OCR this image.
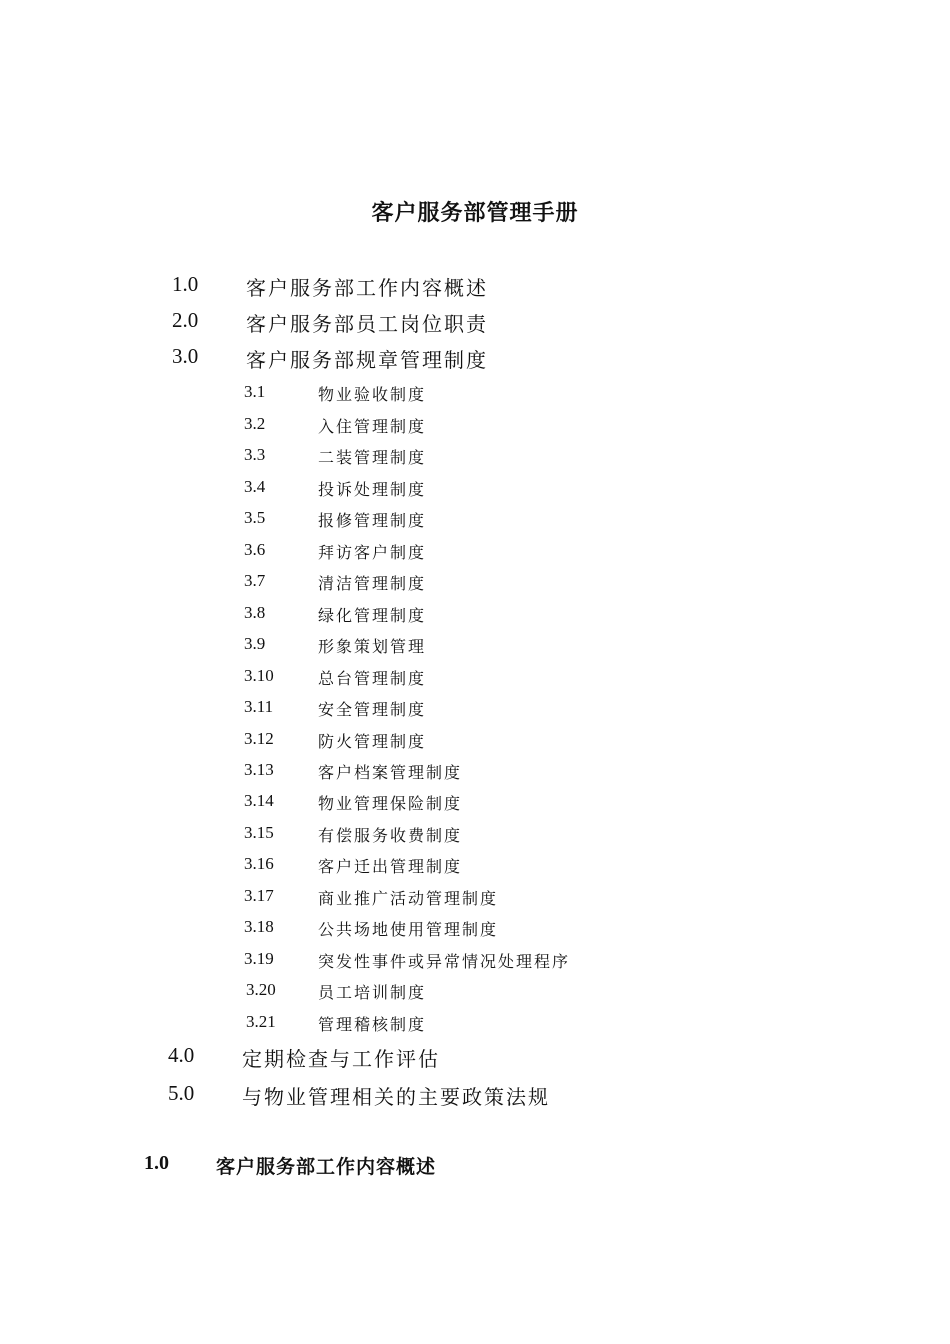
客户服务部管理手册
1.0 客户服务部工作内容概述
2.0 客户服务部员工岗位职责
3.0 客户服务部规章管理制度
3.1	物业验收制度
3.2	入住管理制度
3.3	二装管理制度
3.4	投诉处理制度
3.5	报修管理制度
3.6	拜访客户制度
3.7	清洁管理制度
3.8	绿化管理制度
3.9	形象策划管理
3.10	总台管理制度
3.11	安全管理制度
3.12	防火管理制度
3.13	客户档案管理制度
3.14	物业管理保险制度
3.15	有偿服务收费制度
3.16	客户迁出管理制度
3.17	商业推广活动管理制度
3.18	公共场地使用管理制度
3.19	突发性事件或异常情况处理程序
3.20	员工培训制度
3.21	管理稽核制度
4.0 定期检查与工作评估
5.0 与物业管理相关的主要政策法规
1.0 客户服务部工作内容概述
